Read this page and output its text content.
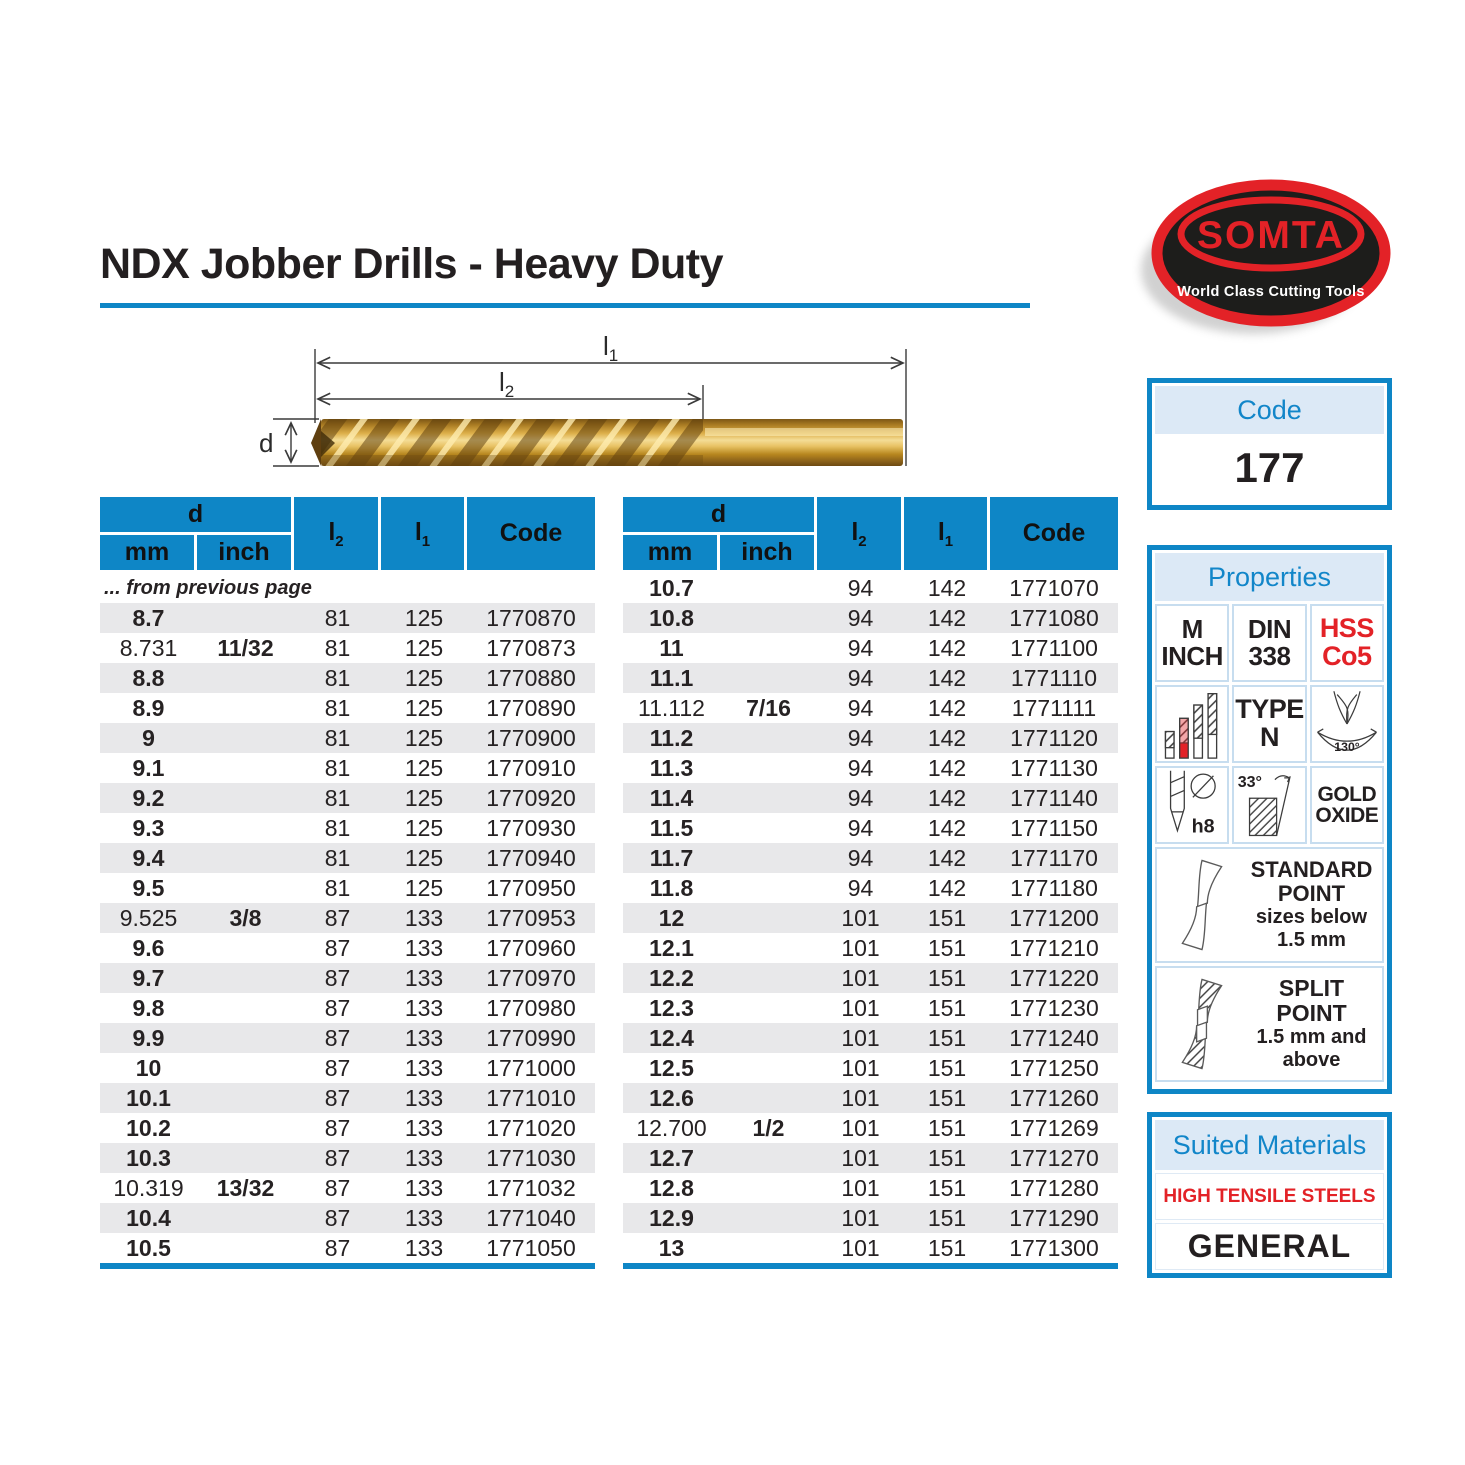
NDX Jobber Drills - Heavy Duty
SOMTA
World Class Cutting Tools
$l_1$
$l_2$
d
d		$l_2$	$l_1$	Code
mm	inch			
... from previous page				
8.7		81	125	1770870
8.731	11/32	81	125	1770873
8.8		81	125	1770880
8.9		81	125	1770890
9		81	125	1770900
9.1		81	125	1770910
9.2		81	125	1770920
9.3		81	125	1770930
9.4		81	125	1770940
9.5		81	125	1770950
9.525	3/8	87	133	1770953
9.6		87	133	1770960
9.7		87	133	1770970
9.8		87	133	1770980
9.9		87	133	1770990
10		87	133	1771000
10.1		87	133	1771010
10.2		87	133	1771020
10.3		87	133	1771030
10.319	13/32	87	133	1771032
10.4		87	133	1771040
10.5		87	133	1771050
d		$l_2$	$l_1$	Code
mm	inch			
10.7		94	142	1771070
10.8		94	142	1771080
11		94	142	1771100
11.1		94	142	1771110
11.112	7/16	94	142	1771111
11.2		94	142	1771120
11.3		94	142	1771130
11.4		94	142	1771140
11.5		94	142	1771150
11.7		94	142	1771170
11.8		94	142	1771180
12		101	151	1771200
12.1		101	151	1771210
12.2		101	151	1771220
12.3		101	151	1771230
12.4		101	151	1771240
12.5		101	151	1771250
12.6		101	151	1771260
12.700	1/2	101	151	1771269
12.7		101	151	1771270
12.8		101	151	1771280
12.9		101	151	1771290
13		101	151	1771300
Code
177
Properties
M
INCH
DIN
338
HSS
Co5
TYPE
N	130°
h8
33°
GOLD
OXIDE
STANDARD
POINT
sizes below
1.5 mm
SPLIT POINT
1.5 mm and
above
Suited Materials
HIGH TENSILE STEELS
GENERAL
